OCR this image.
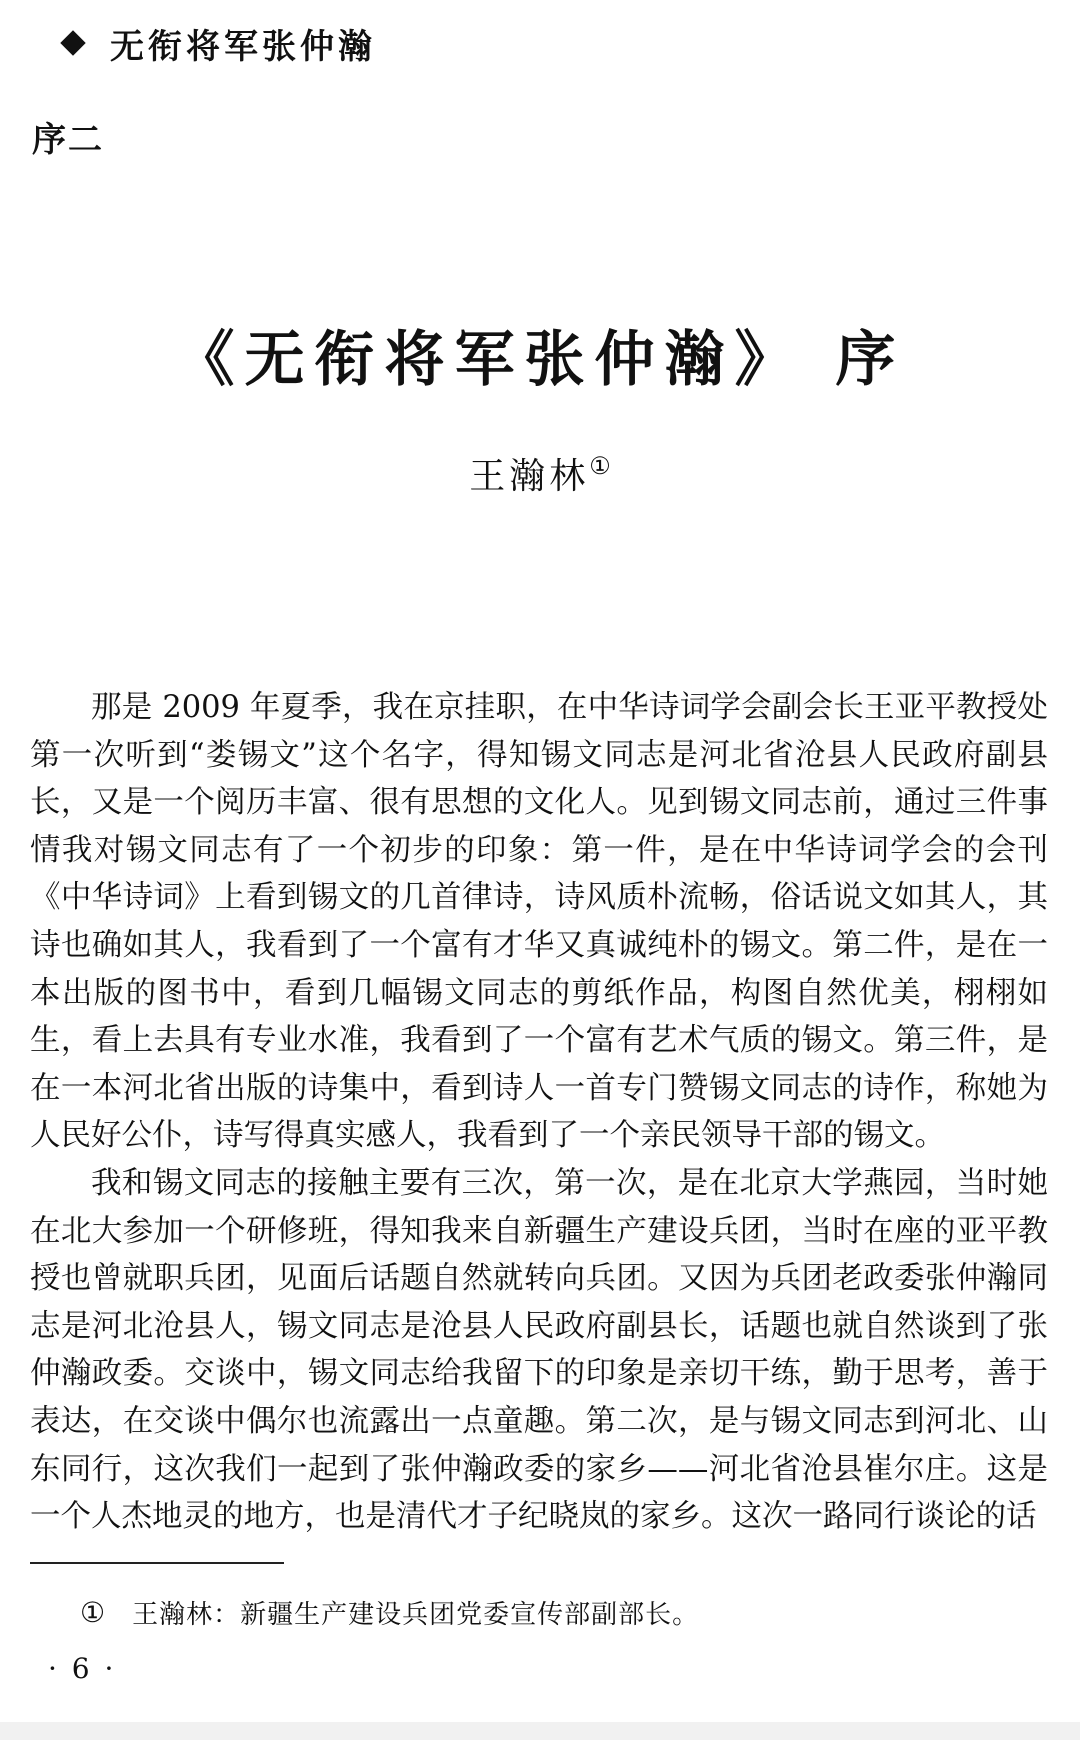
无衔将军张仲瀚
序二
《无衔将军张仲瀚》 序
王瀚林①

那是 2009 年夏季，我在京挂职，在中华诗词学会副会长王亚平教授处第一次听到“娄锡文”这个名字，得知锡文同志是河北省沧县人民政府副县长，又是一个阅历丰富、很有思想的文化人。见到锡文同志前，通过三件事情我对锡文同志有了一个初步的印象：第一件，是在中华诗词学会的会刊《中华诗词》上看到锡文的几首律诗，诗风质朴流畅，俗话说文如其人，其诗也确如其人，我看到了一个富有才华又真诚纯朴的锡文。第二件，是在一本出版的图书中，看到几幅锡文同志的剪纸作品，构图自然优美，栩栩如生，看上去具有专业水准，我看到了一个富有艺术气质的锡文。第三件，是在一本河北省出版的诗集中，看到诗人一首专门赞锡文同志的诗作，称她为人民好公仆，诗写得真实感人，我看到了一个亲民领导干部的锡文。

我和锡文同志的接触主要有三次，第一次，是在北京大学燕园，当时她在北大参加一个研修班，得知我来自新疆生产建设兵团，当时在座的亚平教授也曾就职兵团，见面后话题自然就转向兵团。又因为兵团老政委张仲瀚同志是河北沧县人，锡文同志是沧县人民政府副县长，话题也就自然谈到了张仲瀚政委。交谈中，锡文同志给我留下的印象是亲切干练，勤于思考，善于表达，在交谈中偶尔也流露出一点童趣。第二次，是与锡文同志到河北、山东同行，这次我们一起到了张仲瀚政委的家乡——河北省沧县崔尔庄。这是一个人杰地灵的地方，也是清代才子纪晓岚的家乡。这次一路同行谈论的话

① 王瀚林：新疆生产建设兵团党委宣传部副部长。
· 6 ·
